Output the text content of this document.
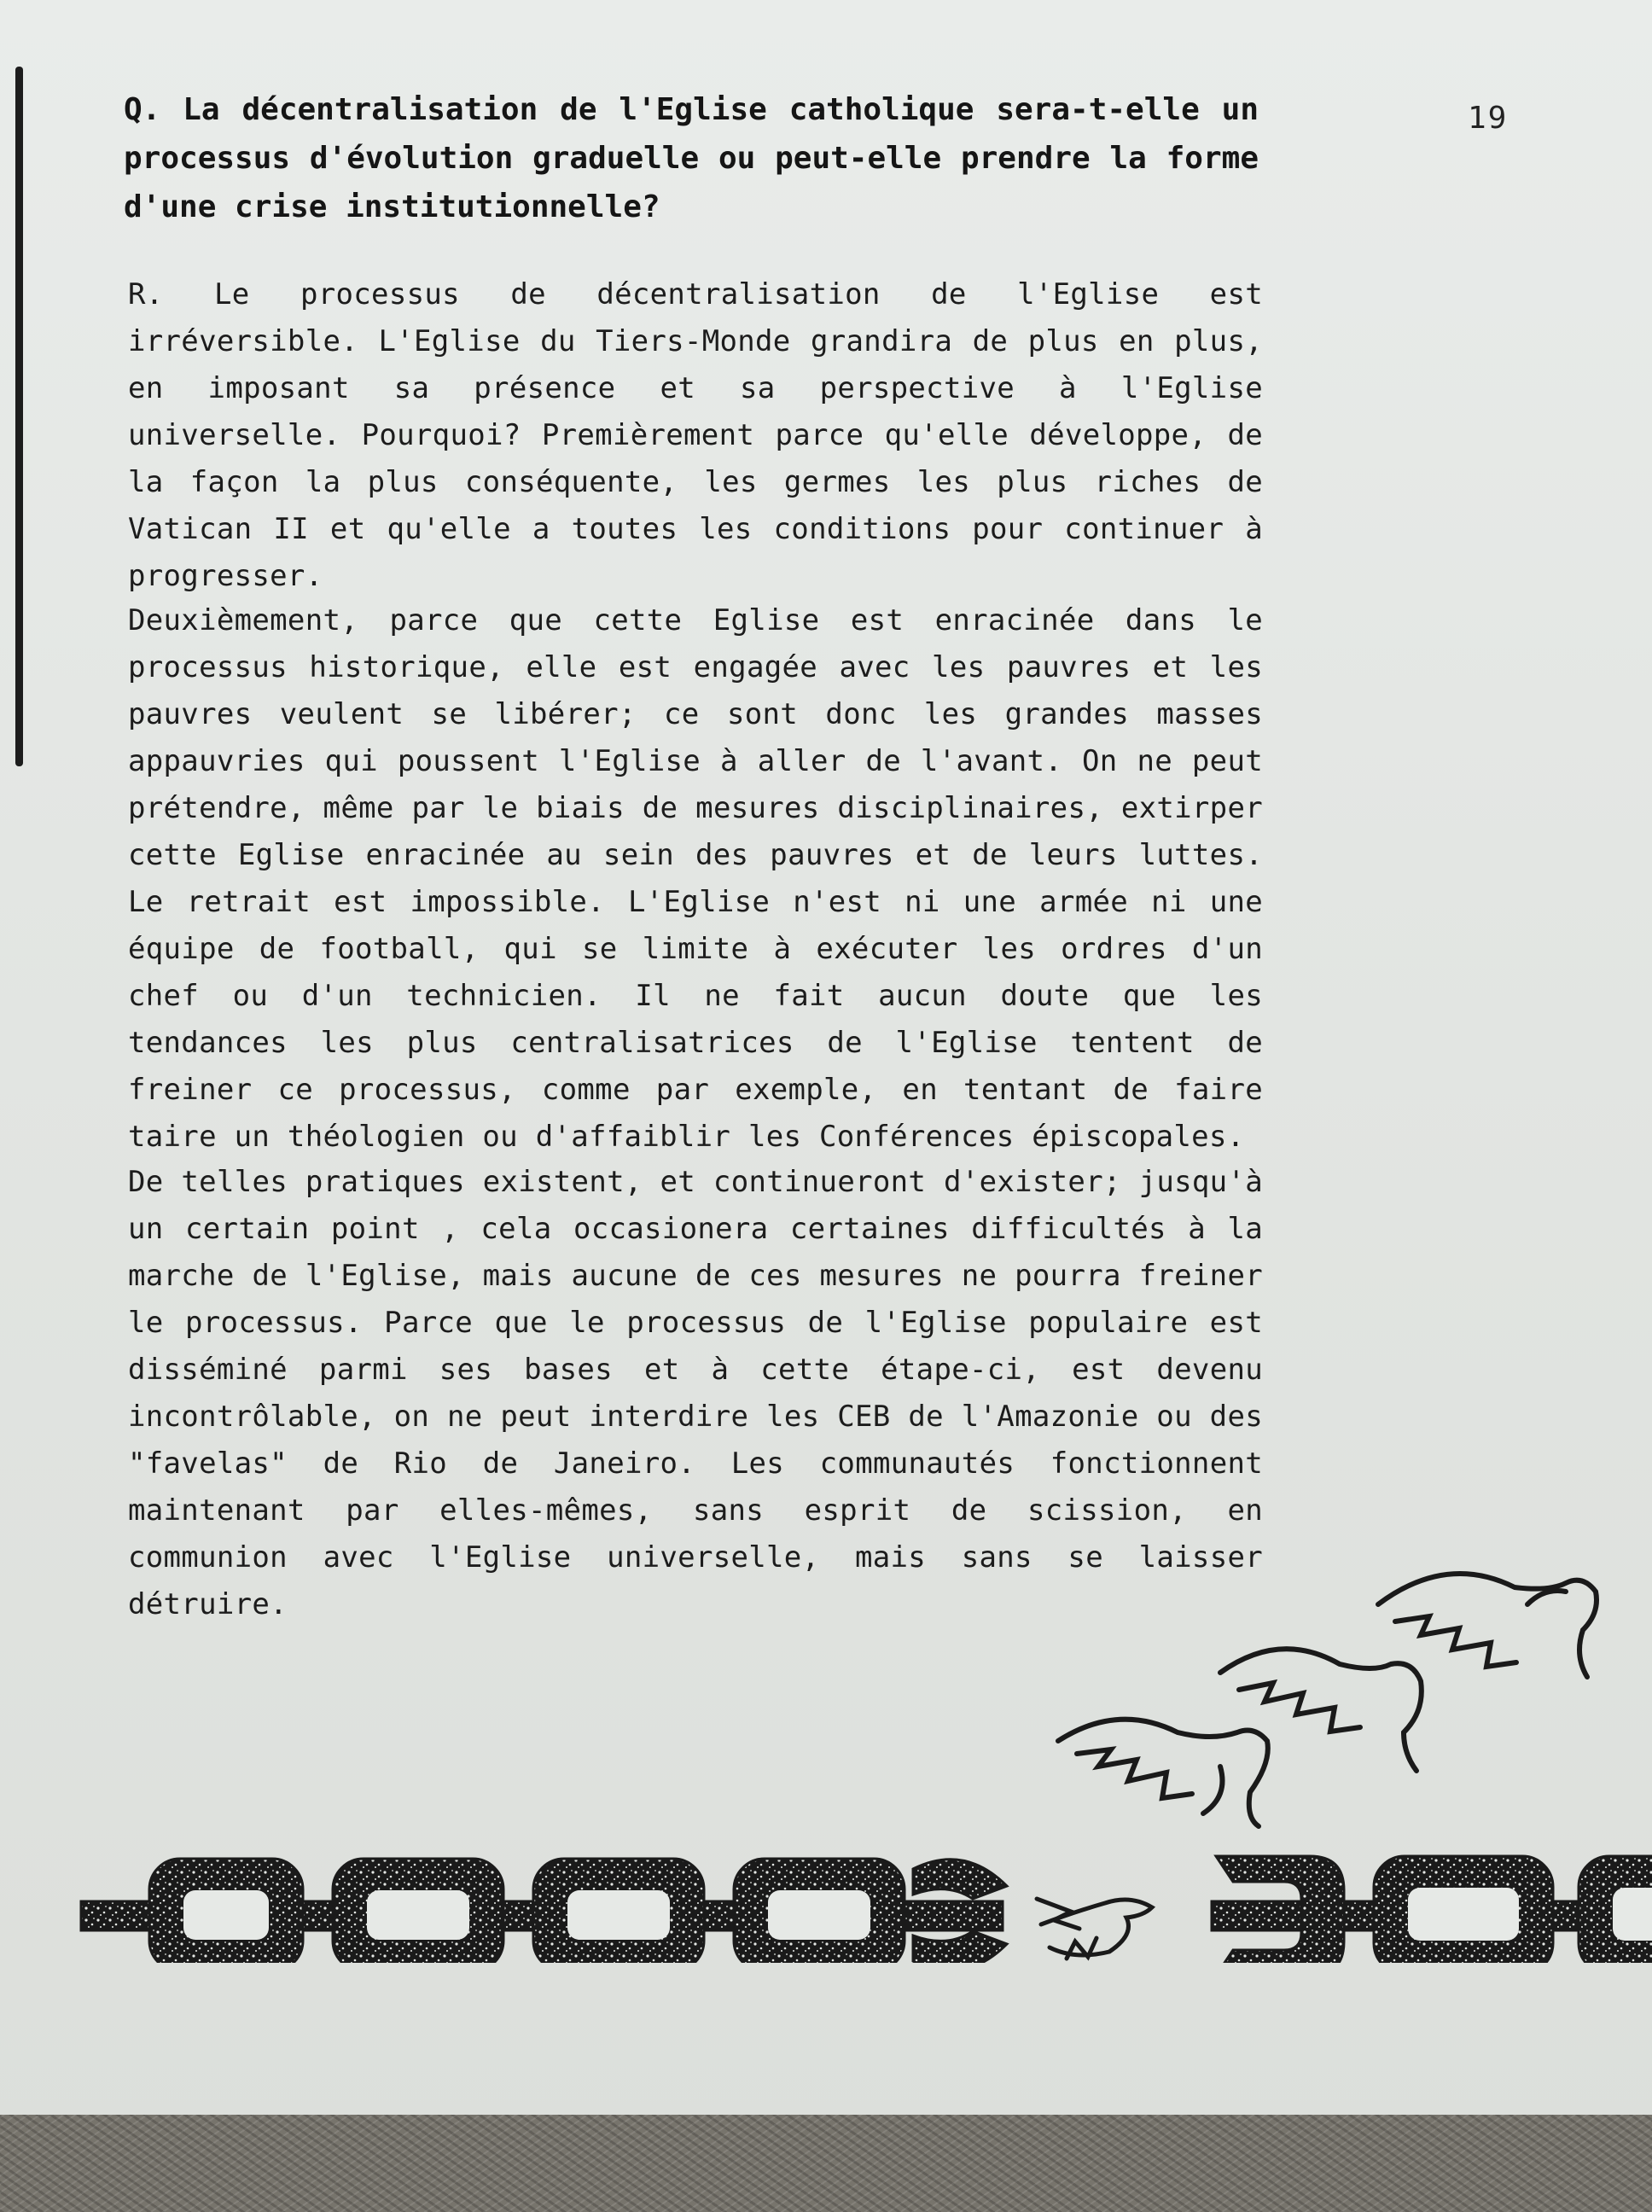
19

Q. La décentralisation de l'Eglise catholique sera-t-elle un processus d'évolution graduelle ou peut-elle prendre la forme d'une crise institutionnelle?

R. Le processus de décentralisation de l'Eglise est irréversible. L'Eglise du Tiers-Monde grandira de plus en plus, en imposant sa présence et sa perspective à l'Eglise universelle. Pourquoi? Premièrement parce qu'elle développe, de la façon la plus conséquente, les germes les plus riches de Vatican II et qu'elle a toutes les conditions pour continuer à progresser.

Deuxièmement, parce que cette Eglise est enracinée dans le processus historique, elle est engagée avec les pauvres et les pauvres veulent se libérer; ce sont donc les grandes masses appauvries qui poussent l'Eglise à aller de l'avant. On ne peut prétendre, même par le biais de mesures disciplinaires, extirper cette Eglise enracinée au sein des pauvres et de leurs luttes. Le retrait est impossible. L'Eglise n'est ni une armée ni une équipe de football, qui se limite à exécuter les ordres d'un chef ou d'un technicien. Il ne fait aucun doute que les tendances les plus centralisatrices de l'Eglise tentent de freiner ce processus, comme par exemple, en tentant de faire taire un théologien ou d'affaiblir les Conférences épiscopales.

De telles pratiques existent, et continueront d'exister; jusqu'à un certain point , cela occasionera certaines difficultés à la marche de l'Eglise, mais aucune de ces mesures ne pourra freiner le processus. Parce que le processus de l'Eglise populaire est disséminé parmi ses bases et à cette étape-ci, est devenu incontrôlable, on ne peut interdire les CEB de l'Amazonie ou des "favelas" de Rio de Janeiro. Les communautés fonctionnent maintenant par elles-mêmes, sans esprit de scission, en communion avec l'Eglise universelle, mais sans se laisser détruire.
